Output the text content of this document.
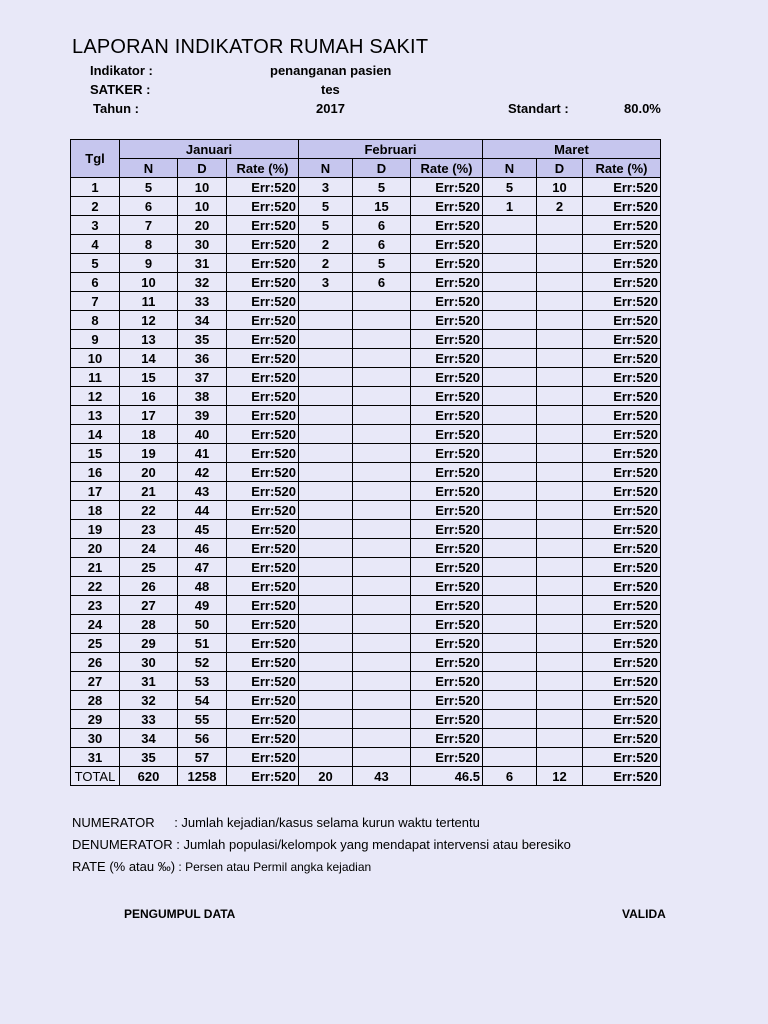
LAPORAN INDIKATOR RUMAH SAKIT
Indikator :	penanganan pasien
SATKER :	tes
Tahun :	2017	Standart :	80.0%
Tgl	Januari			Februari			Maret		
	N	D	Rate (%)	N	D	Rate (%)	N	D	Rate (%)
1	5	10	Err:520	3	5	Err:520	5	10	Err:520
2	6	10	Err:520	5	15	Err:520	1	2	Err:520
3	7	20	Err:520	5	6	Err:520			Err:520
4	8	30	Err:520	2	6	Err:520			Err:520
5	9	31	Err:520	2	5	Err:520			Err:520
6	10	32	Err:520	3	6	Err:520			Err:520
7	11	33	Err:520			Err:520			Err:520
8	12	34	Err:520			Err:520			Err:520
9	13	35	Err:520			Err:520			Err:520
10	14	36	Err:520			Err:520			Err:520
11	15	37	Err:520			Err:520			Err:520
12	16	38	Err:520			Err:520			Err:520
13	17	39	Err:520			Err:520			Err:520
14	18	40	Err:520			Err:520			Err:520
15	19	41	Err:520			Err:520			Err:520
16	20	42	Err:520			Err:520			Err:520
17	21	43	Err:520			Err:520			Err:520
18	22	44	Err:520			Err:520			Err:520
19	23	45	Err:520			Err:520			Err:520
20	24	46	Err:520			Err:520			Err:520
21	25	47	Err:520			Err:520			Err:520
22	26	48	Err:520			Err:520			Err:520
23	27	49	Err:520			Err:520			Err:520
24	28	50	Err:520			Err:520			Err:520
25	29	51	Err:520			Err:520			Err:520
26	30	52	Err:520			Err:520			Err:520
27	31	53	Err:520			Err:520			Err:520
28	32	54	Err:520			Err:520			Err:520
29	33	55	Err:520			Err:520			Err:520
30	34	56	Err:520			Err:520			Err:520
31	35	57	Err:520			Err:520			Err:520
TOTAL	620	1258	Err:520	20	43	46.5	6	12	Err:520
NUMERATOR : Jumlah kejadian/kasus selama kurun waktu tertentu
DENUMERATOR : Jumlah populasi/kelompok yang mendapat intervensi atau beresiko
RATE (% atau ‰) : Persen atau Permil angka kejadian
PENGUMPUL DATA	VALIDA
